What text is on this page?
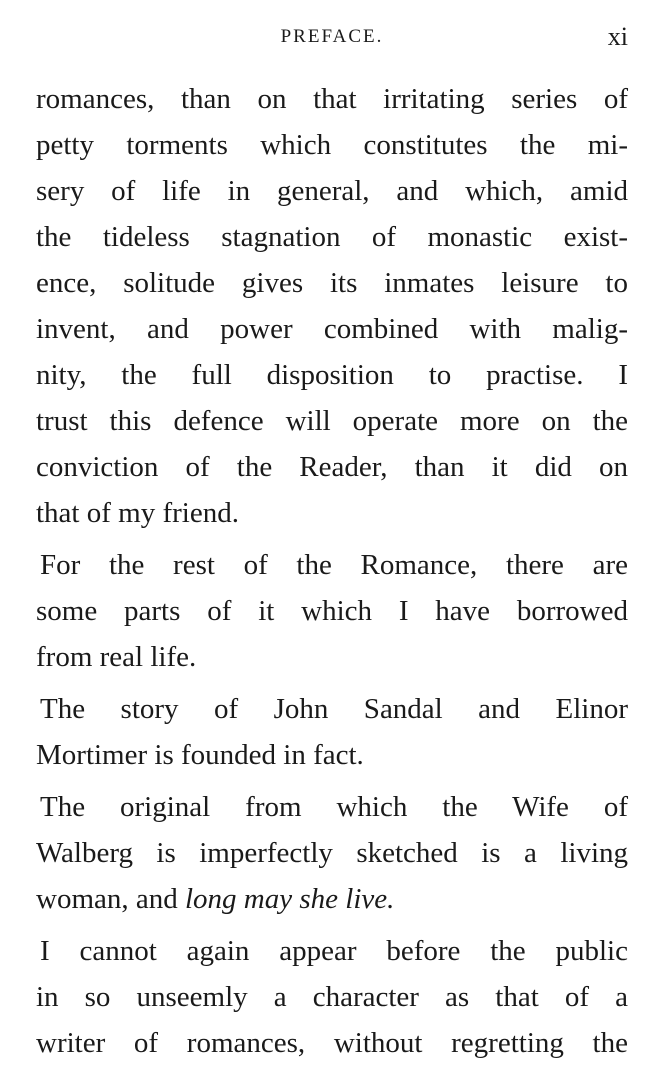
PREFACE.	xi
romances, than on that irritating series of
petty torments which constitutes the mi-
sery of life in general, and which, amid
the tideless stagnation of monastic exist-
ence, solitude gives its inmates leisure to
invent, and power combined with malig-
nity, the full disposition to practise. I
trust this defence will operate more on the
conviction of the Reader, than it did on
that of my friend.
For the rest of the Romance, there are
some parts of it which I have borrowed
from real life.
The story of John Sandal and Elinor
Mortimer is founded in fact.
The original from which the Wife of
Walberg is imperfectly sketched is a living
woman, and long may she live.
I cannot again appear before the public
in so unseemly a character as that of a
writer of romances, without regretting the
